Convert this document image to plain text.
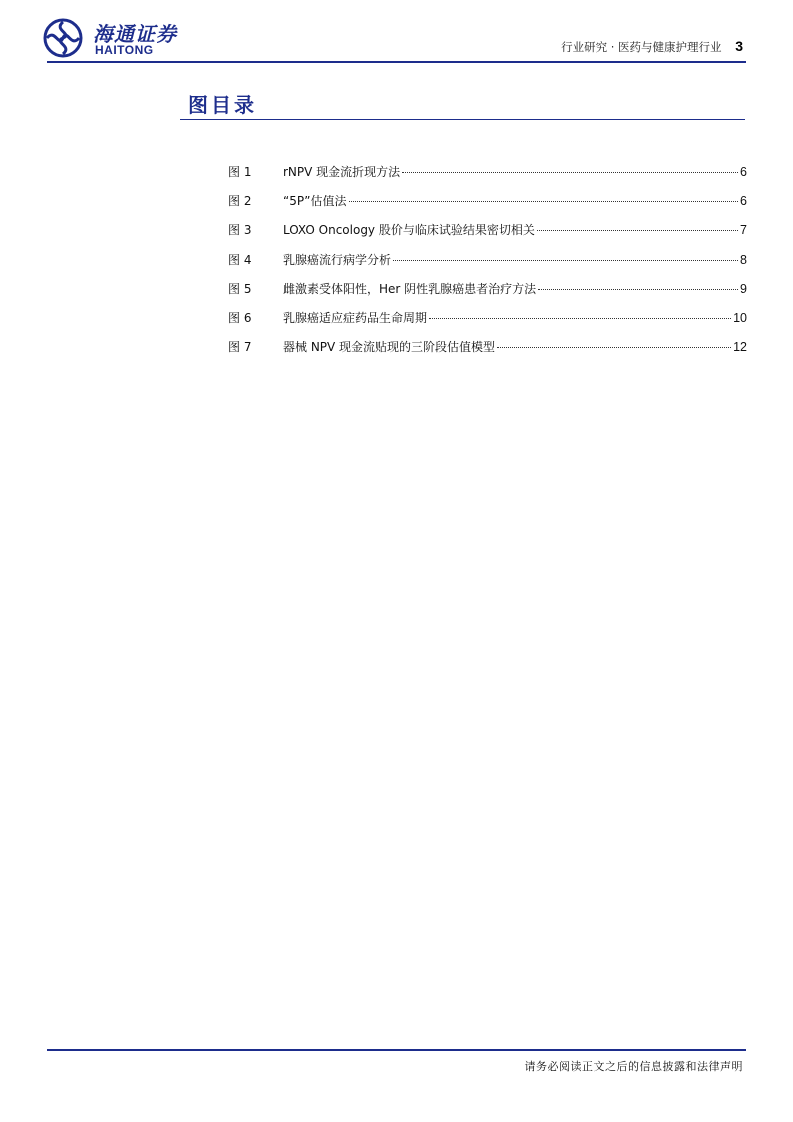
海通证券
HAITONG	行业研究 · 医药与健康护理行业 3
图目录
图 1	rNPV 现金流折现方法	6
图 2	“5P”估值法	6
图 3	LOXO Oncology 股价与临床试验结果密切相关	7
图 4	乳腺癌流行病学分析	8
图 5	雌激素受体阳性，Her 阴性乳腺癌患者治疗方法	9
图 6	乳腺癌适应症药品生命周期	10
图 7	器械 NPV 现金流贴现的三阶段估值模型	12
请务必阅读正文之后的信息披露和法律声明
